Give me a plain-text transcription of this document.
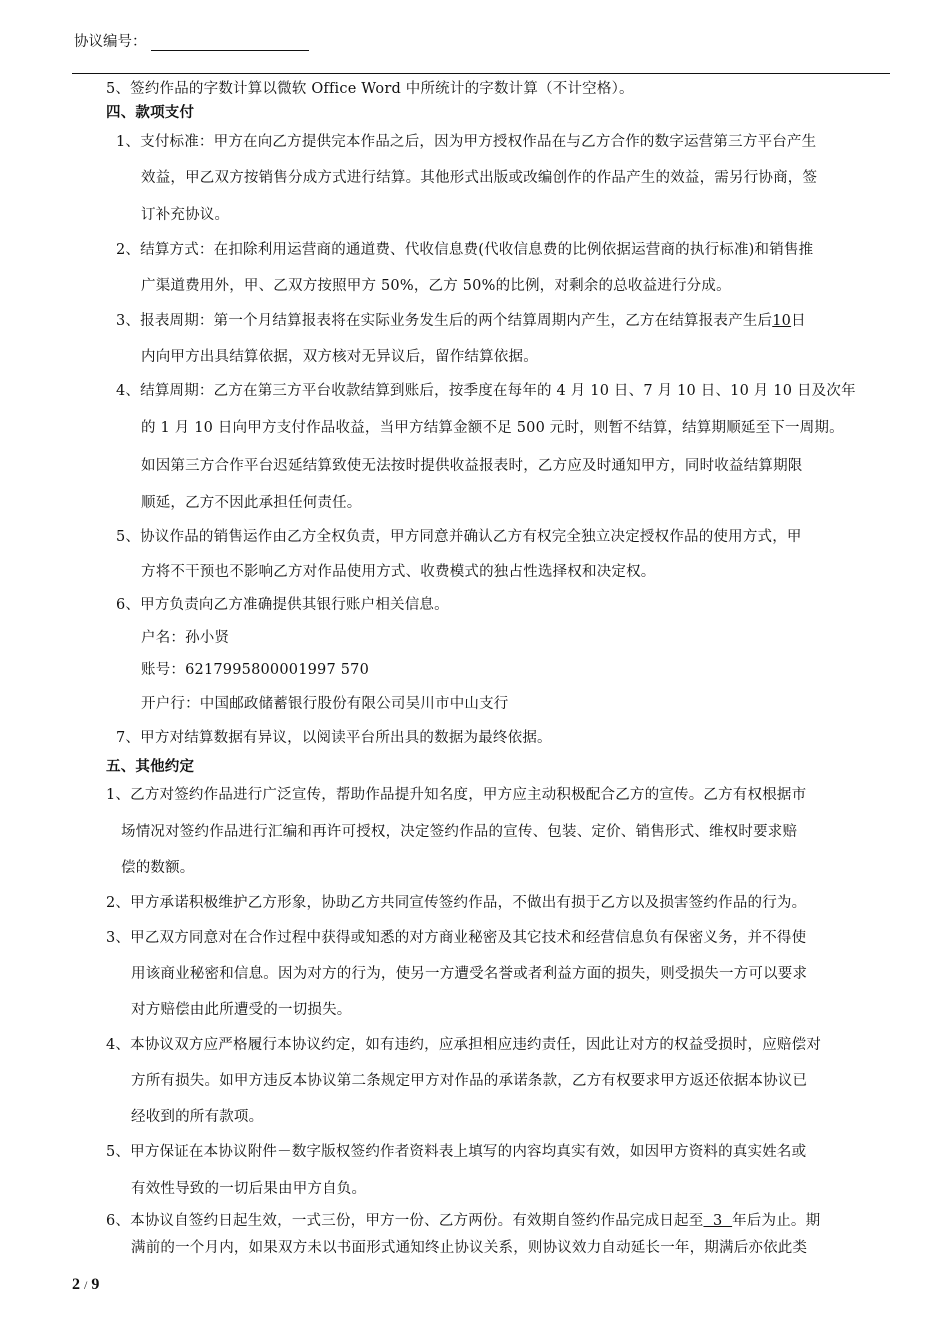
协议编号：
5、签约作品的字数计算以微软 Office Word 中所统计的字数计算（不计空格）。
四、款项支付
1、支付标准：甲方在向乙方提供完本作品之后，因为甲方授权作品在与乙方合作的数字运营第三方平台产生
效益，甲乙双方按销售分成方式进行结算。其他形式出版或改编创作的作品产生的效益，需另行协商，签
订补充协议。
2、结算方式：在扣除利用运营商的通道费、代收信息费(代收信息费的比例依据运营商的执行标准)和销售推
广渠道费用外，甲、乙双方按照甲方 50%，乙方 50%的比例，对剩余的总收益进行分成。
3、报表周期：第一个月结算报表将在实际业务发生后的两个结算周期内产生，乙方在结算报表产生后10日
内向甲方出具结算依据，双方核对无异议后，留作结算依据。
4、结算周期：乙方在第三方平台收款结算到账后，按季度在每年的 4 月 10 日、7 月 10 日、10 月 10 日及次年
的 1 月 10 日向甲方支付作品收益，当甲方结算金额不足 500 元时，则暂不结算，结算期顺延至下一周期。
如因第三方合作平台迟延结算致使无法按时提供收益报表时，乙方应及时通知甲方，同时收益结算期限
顺延，乙方不因此承担任何责任。
5、协议作品的销售运作由乙方全权负责，甲方同意并确认乙方有权完全独立决定授权作品的使用方式，甲
方将不干预也不影响乙方对作品使用方式、收费模式的独占性选择权和决定权。
6、甲方负责向乙方准确提供其银行账户相关信息。
户名：孙小贤
账号：6217995800001997 570
开户行：中国邮政储蓄银行股份有限公司吴川市中山支行
7、甲方对结算数据有异议，以阅读平台所出具的数据为最终依据。
五、其他约定
1、乙方对签约作品进行广泛宣传，帮助作品提升知名度，甲方应主动积极配合乙方的宣传。乙方有权根据市
场情况对签约作品进行汇编和再许可授权，决定签约作品的宣传、包装、定价、销售形式、维权时要求赔
偿的数额。
2、甲方承诺积极维护乙方形象，协助乙方共同宣传签约作品，不做出有损于乙方以及损害签约作品的行为。
3、甲乙双方同意对在合作过程中获得或知悉的对方商业秘密及其它技术和经营信息负有保密义务，并不得使
用该商业秘密和信息。因为对方的行为，使另一方遭受名誉或者利益方面的损失，则受损失一方可以要求
对方赔偿由此所遭受的一切损失。
4、本协议双方应严格履行本协议约定，如有违约，应承担相应违约责任，因此让对方的权益受损时，应赔偿对
方所有损失。如甲方违反本协议第二条规定甲方对作品的承诺条款，乙方有权要求甲方返还依据本协议已
经收到的所有款项。
5、甲方保证在本协议附件－数字版权签约作者资料表上填写的内容均真实有效，如因甲方资料的真实姓名或
有效性导致的一切后果由甲方自负。
6、本协议自签约日起生效，一式三份，甲方一份、乙方两份。有效期自签约作品完成日起至  3  年后为止。期
满前的一个月内，如果双方未以书面形式通知终止协议关系，则协议效力自动延长一年，期满后亦依此类
2 / 9
